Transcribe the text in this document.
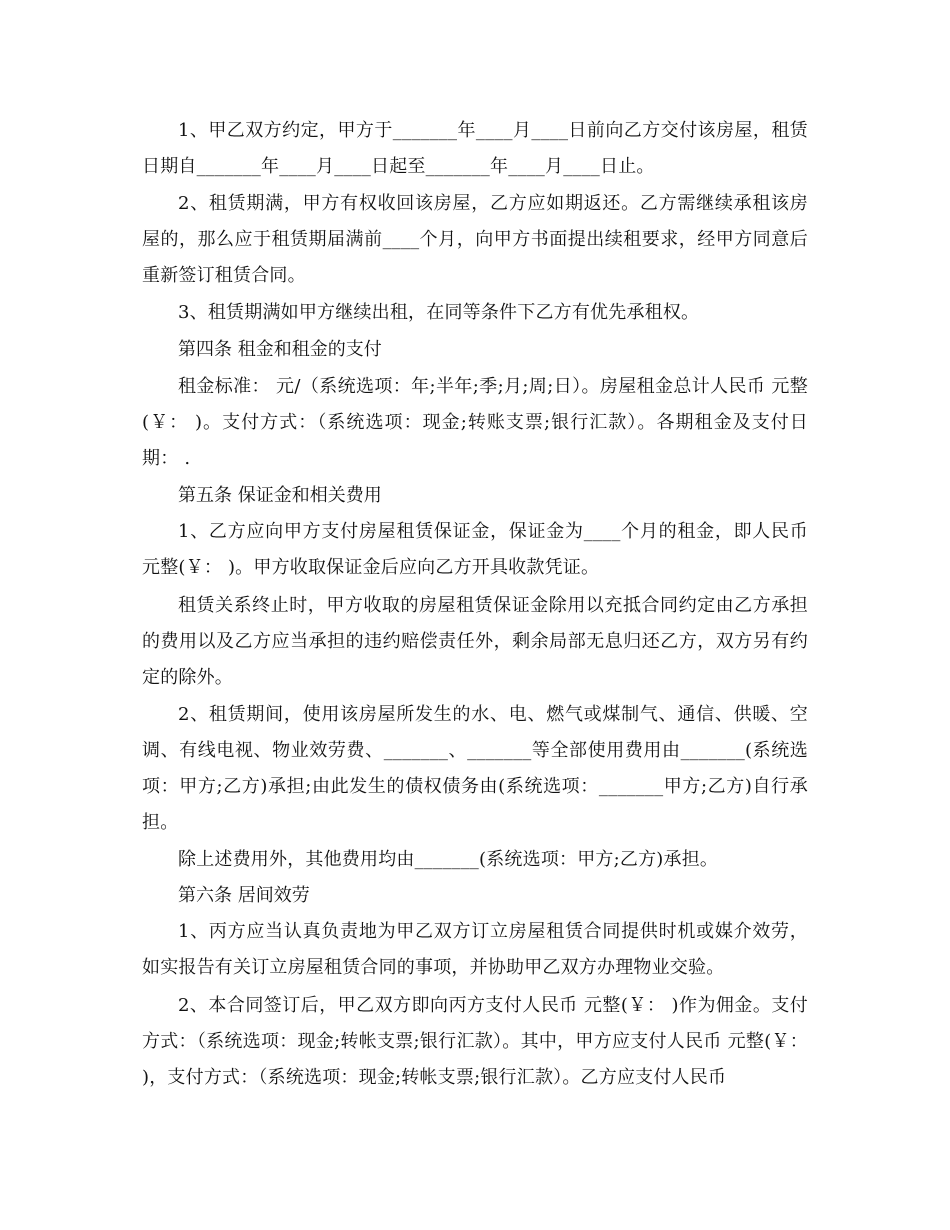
1、甲乙双方约定，甲方于_______年____月____日前向乙方交付该房屋，租赁日期自_______年____月____日起至_______年____月____日止。

2、租赁期满，甲方有权收回该房屋，乙方应如期返还。乙方需继续承租该房屋的，那么应于租赁期届满前____个月，向甲方书面提出续租要求，经甲方同意后重新签订租赁合同。

3、租赁期满如甲方继续出租，在同等条件下乙方有优先承租权。

第四条 租金和租金的支付

租金标准： 元/（系统选项：年;半年;季;月;周;日）。房屋租金总计人民币 元整(￥： )。支付方式：（系统选项：现金;转账支票;银行汇款）。各期租金及支付日期： .

第五条 保证金和相关费用

1、乙方应向甲方支付房屋租赁保证金，保证金为____个月的租金，即人民币 元整(￥： )。甲方收取保证金后应向乙方开具收款凭证。

租赁关系终止时，甲方收取的房屋租赁保证金除用以充抵合同约定由乙方承担的费用以及乙方应当承担的违约赔偿责任外，剩余局部无息归还乙方，双方另有约定的除外。

2、租赁期间，使用该房屋所发生的水、电、燃气或煤制气、通信、供暖、空调、有线电视、物业效劳费、_______、_______等全部使用费用由_______(系统选项：甲方;乙方)承担;由此发生的债权债务由(系统选项：_______甲方;乙方)自行承担。

除上述费用外，其他费用均由_______(系统选项：甲方;乙方)承担。

第六条 居间效劳

1、丙方应当认真负责地为甲乙双方订立房屋租赁合同提供时机或媒介效劳，如实报告有关订立房屋租赁合同的事项，并协助甲乙双方办理物业交验。

2、本合同签订后，甲乙双方即向丙方支付人民币 元整(￥： )作为佣金。支付方式：（系统选项：现金;转帐支票;银行汇款）。其中，甲方应支付人民币 元整(￥： )，支付方式：（系统选项：现金;转帐支票;银行汇款）。乙方应支付人民币
